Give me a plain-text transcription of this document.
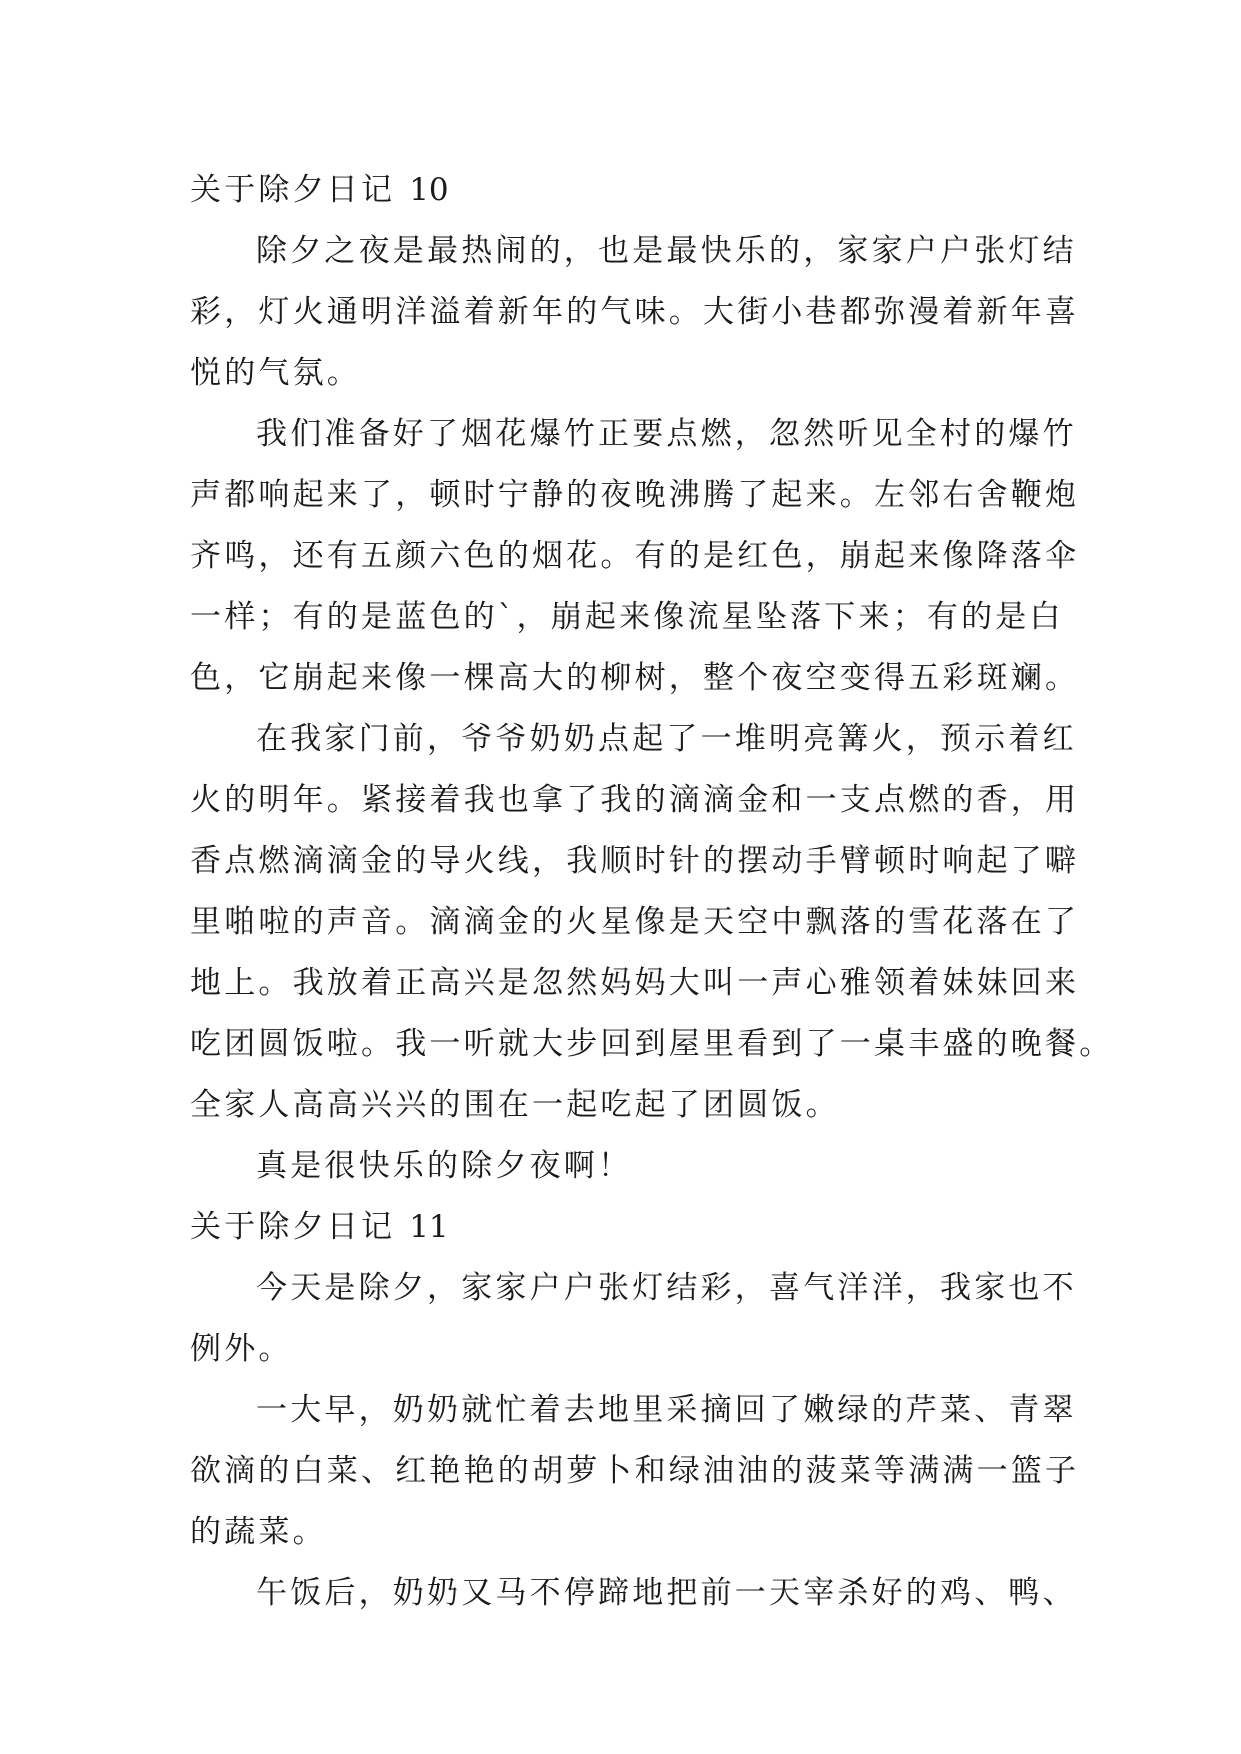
关于除夕日记 10
除夕之夜是最热闹的，也是最快乐的，家家户户张灯结
彩，灯火通明洋溢着新年的气味。大街小巷都弥漫着新年喜
悦的气氛。
我们准备好了烟花爆竹正要点燃，忽然听见全村的爆竹
声都响起来了，顿时宁静的夜晚沸腾了起来。左邻右舍鞭炮
齐鸣，还有五颜六色的烟花。有的是红色，崩起来像降落伞
一样；有的是蓝色的`，崩起来像流星坠落下来；有的是白
色，它崩起来像一棵高大的柳树，整个夜空变得五彩斑斓。
在我家门前，爷爷奶奶点起了一堆明亮篝火，预示着红
火的明年。紧接着我也拿了我的滴滴金和一支点燃的香，用
香点燃滴滴金的导火线，我顺时针的摆动手臂顿时响起了噼
里啪啦的声音。滴滴金的火星像是天空中飘落的雪花落在了
地上。我放着正高兴是忽然妈妈大叫一声心雅领着妹妹回来
吃团圆饭啦。我一听就大步回到屋里看到了一桌丰盛的晚餐。
全家人高高兴兴的围在一起吃起了团圆饭。
真是很快乐的除夕夜啊！
关于除夕日记 11
今天是除夕，家家户户张灯结彩，喜气洋洋，我家也不
例外。
一大早，奶奶就忙着去地里采摘回了嫩绿的芹菜、青翠
欲滴的白菜、红艳艳的胡萝卜和绿油油的菠菜等满满一篮子
的蔬菜。
午饭后，奶奶又马不停蹄地把前一天宰杀好的鸡、鸭、
